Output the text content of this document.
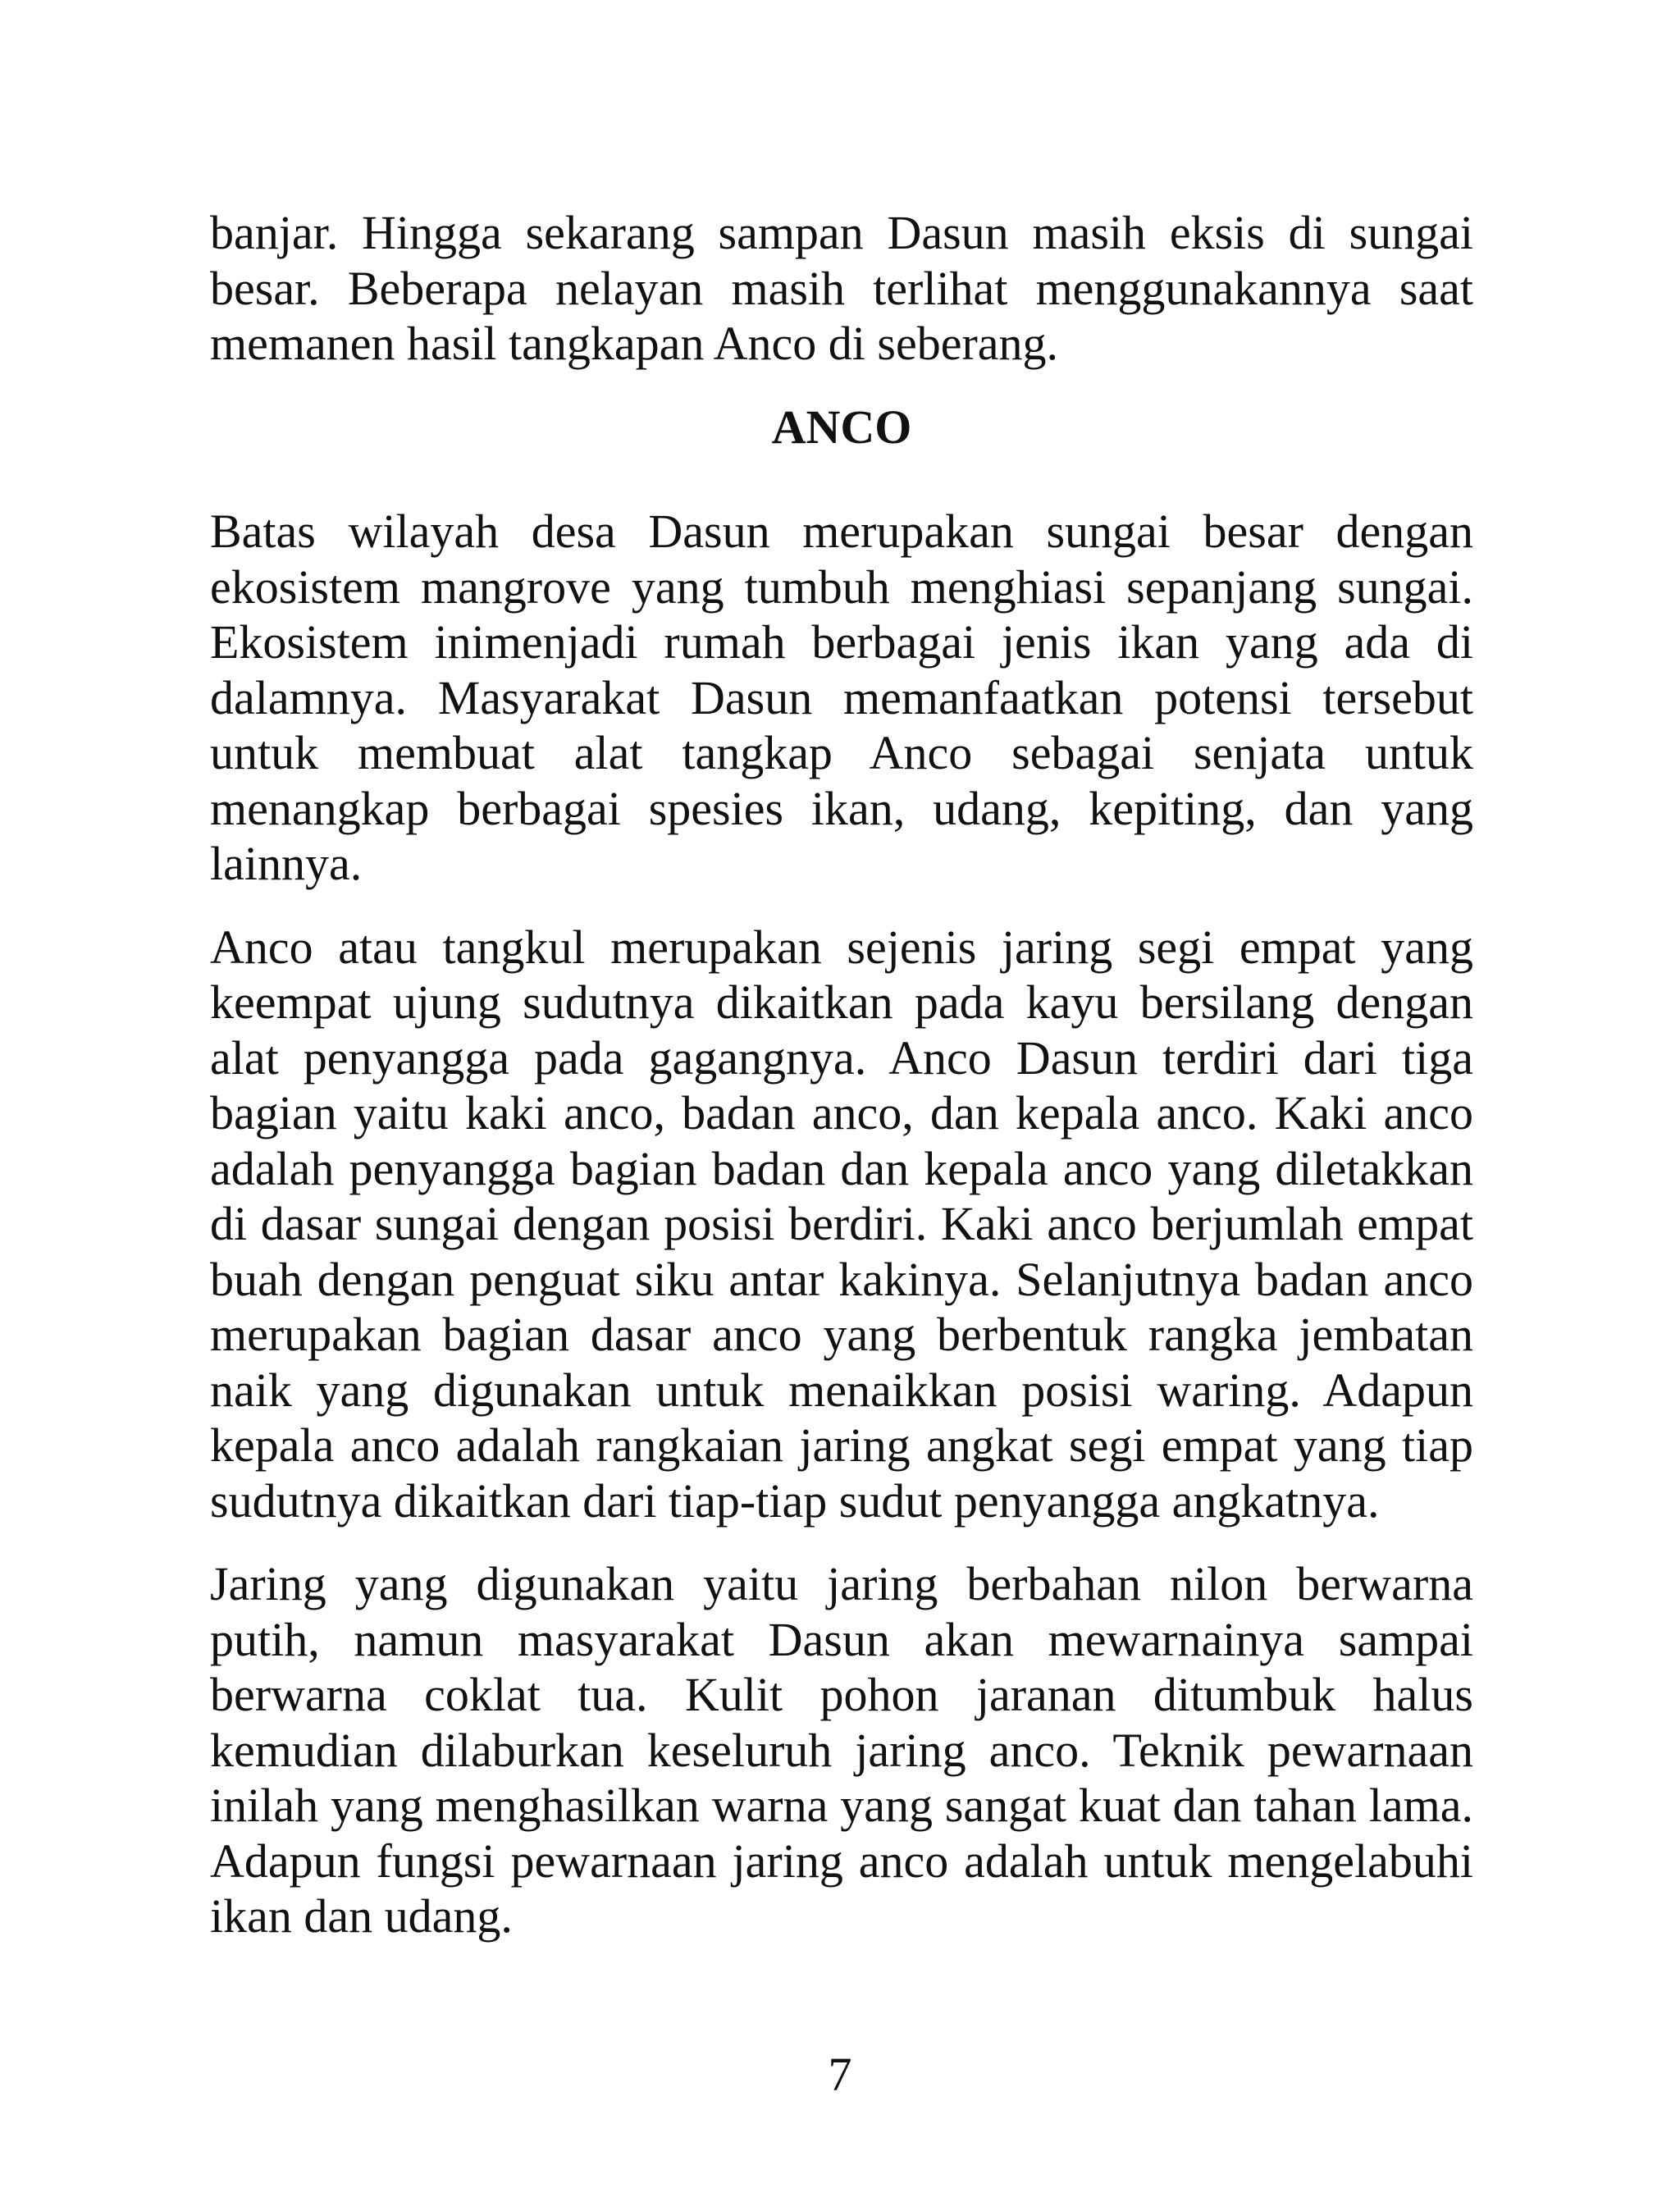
banjar. Hingga sekarang sampan Dasun masih eksis di sungai besar. Beberapa nelayan masih terlihat menggunakannya saat memanen hasil tangkapan Anco di seberang.

ANCO

Batas wilayah desa Dasun merupakan sungai besar dengan ekosistem mangrove yang tumbuh menghiasi sepanjang sungai. Ekosistem inimenjadi rumah berbagai jenis ikan yang ada di dalamnya. Masyarakat Dasun memanfaatkan potensi tersebut untuk membuat alat tangkap Anco sebagai senjata untuk menangkap berbagai spesies ikan, udang, kepiting, dan yang lainnya.

Anco atau tangkul merupakan sejenis jaring segi empat yang keempat ujung sudutnya dikaitkan pada kayu bersilang dengan alat penyangga pada gagangnya. Anco Dasun terdiri dari tiga bagian yaitu kaki anco, badan anco, dan kepala anco. Kaki anco adalah penyangga bagian badan dan kepala anco yang diletakkan di dasar sungai dengan posisi berdiri. Kaki anco berjumlah empat buah dengan penguat siku antar kakinya. Selanjutnya badan anco merupakan bagian dasar anco yang berbentuk rangka jembatan naik yang digunakan untuk menaikkan posisi waring. Adapun kepala anco adalah rangkaian jaring angkat segi empat yang tiap sudutnya dikaitkan dari tiap-tiap sudut penyangga angkatnya.

Jaring yang digunakan yaitu jaring berbahan nilon berwarna putih, namun masyarakat Dasun akan mewarnainya sampai berwarna coklat tua. Kulit pohon jaranan ditumbuk halus kemudian dilaburkan keseluruh jaring anco. Teknik pewarnaan inilah yang menghasilkan warna yang sangat kuat dan tahan lama. Adapun fungsi pewarnaan jaring anco adalah untuk mengelabuhi ikan dan udang.

7
